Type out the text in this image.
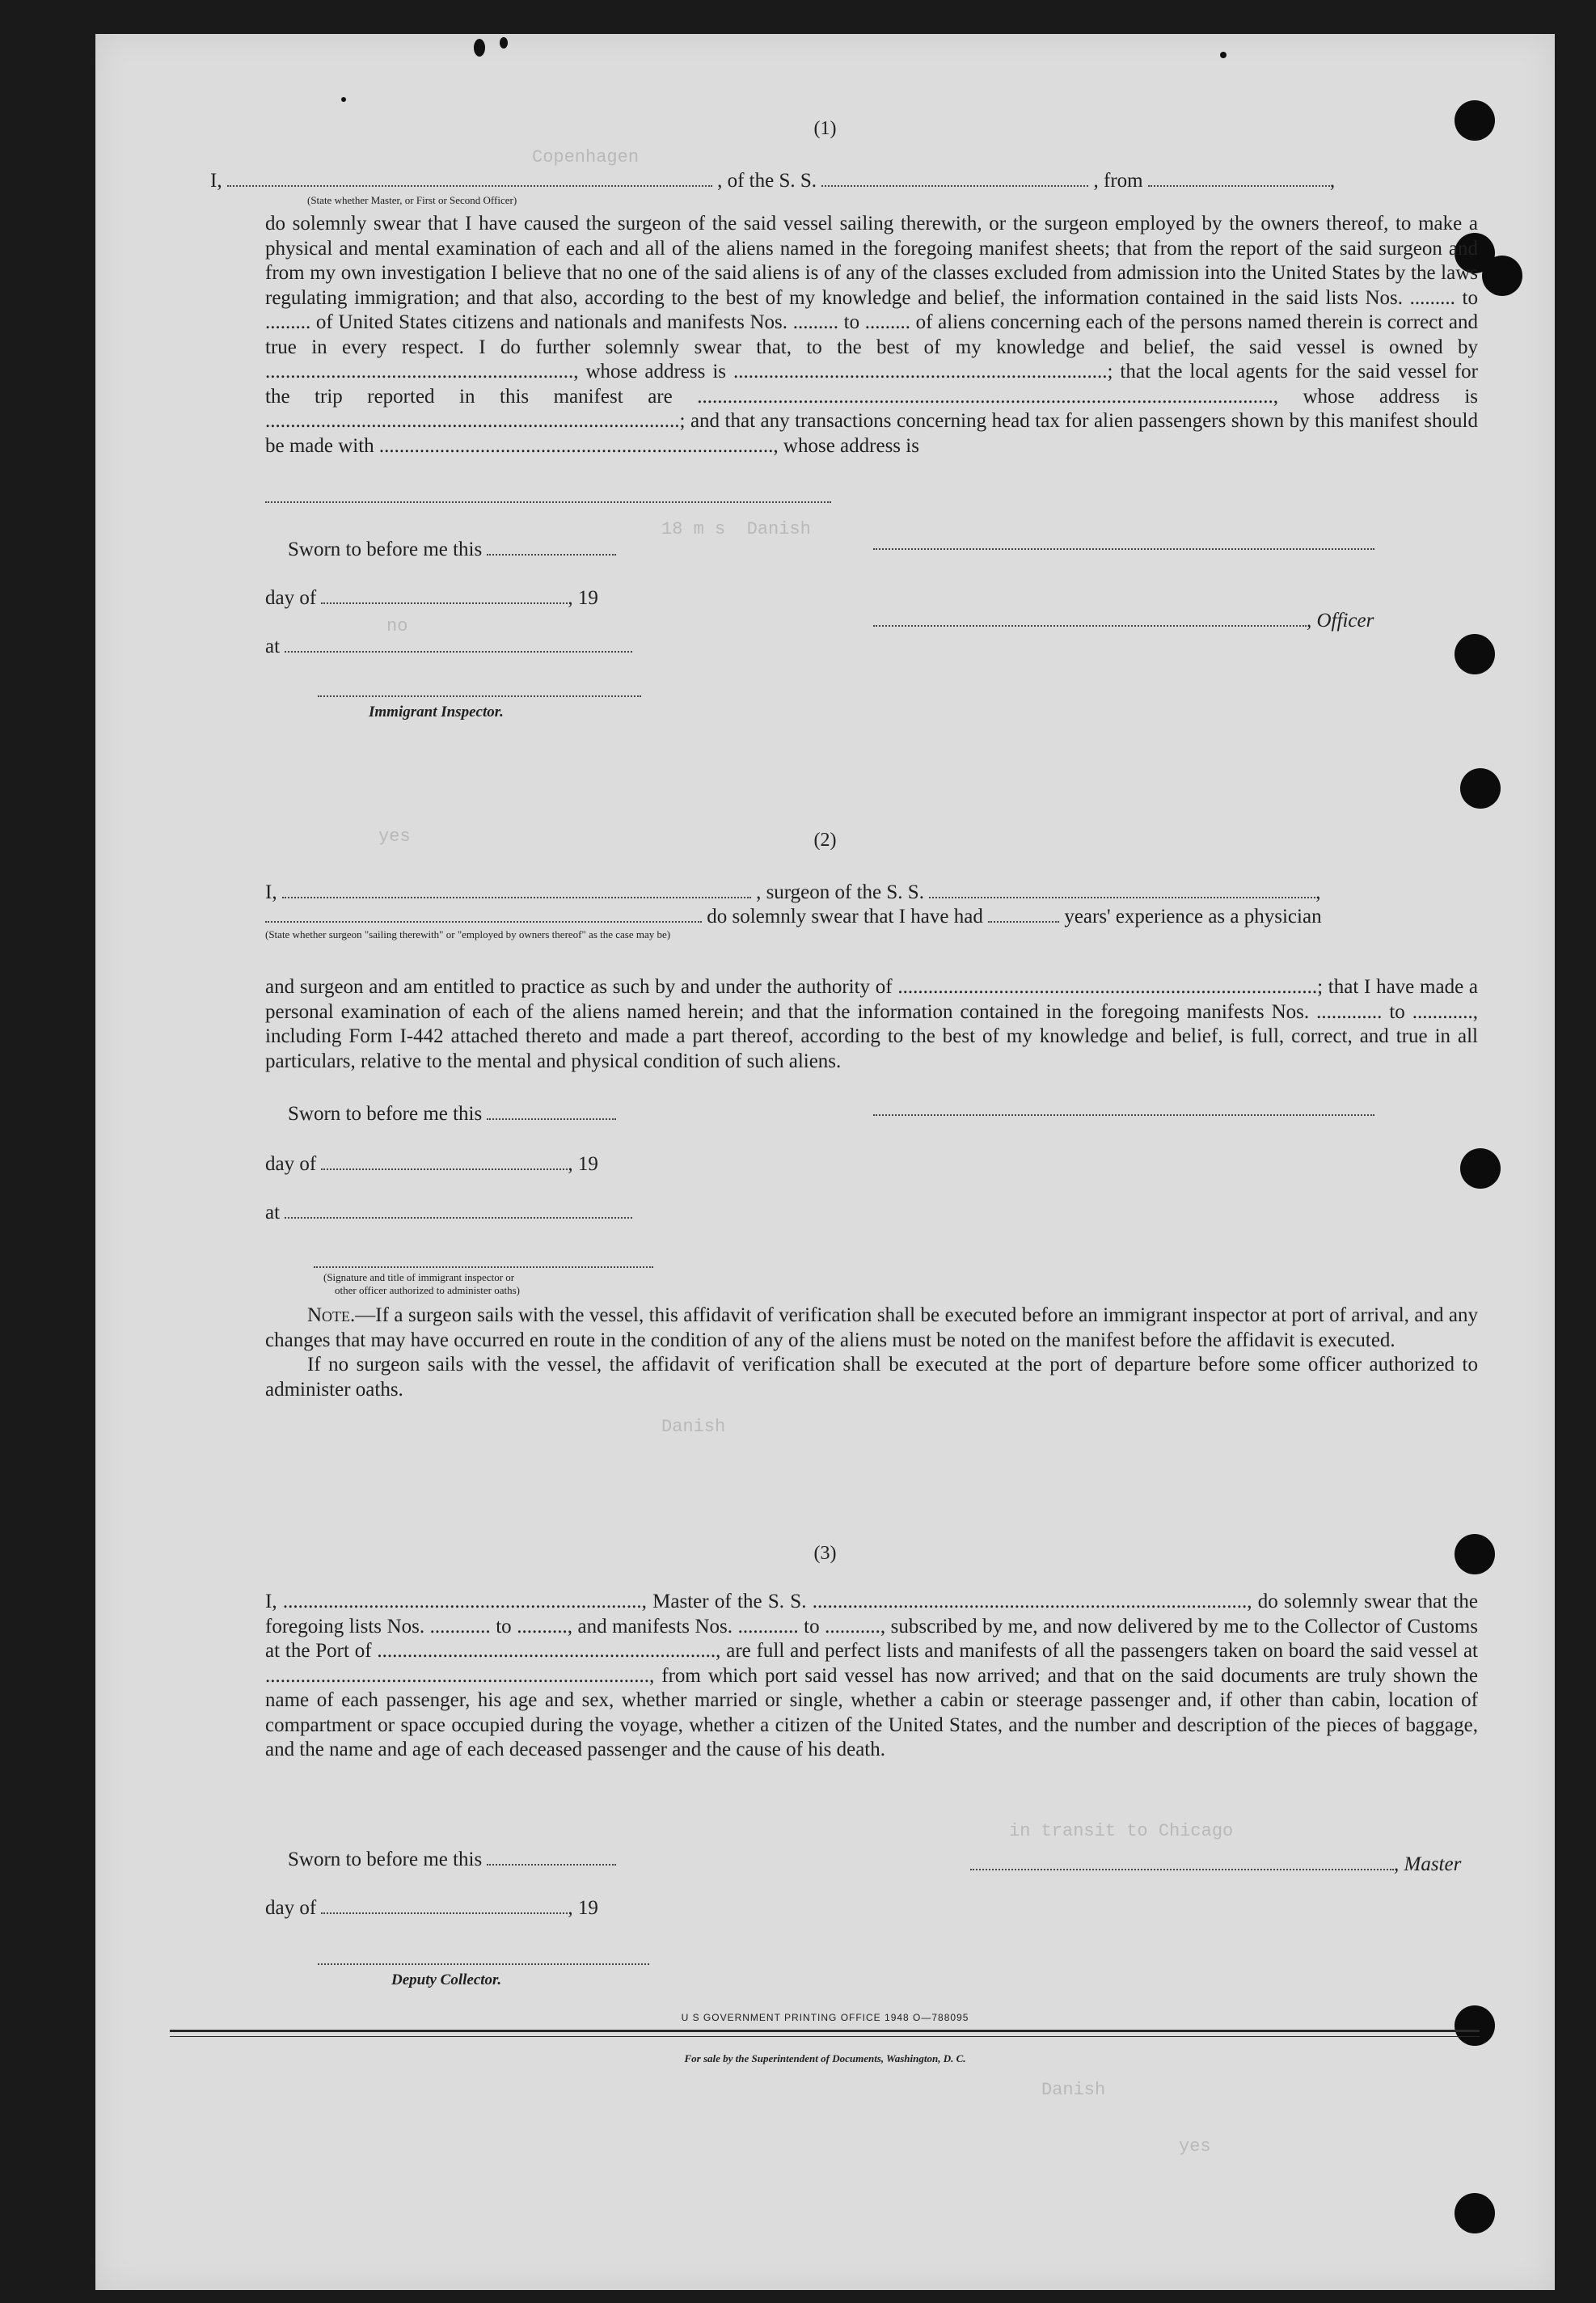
Copenhagen
18 m s  Danish
no
yes
Danish
in transit to Chicago
Danish
yes
(1)
I,	, of the S. S.	, from	,
(State whether Master, or First or Second Officer)

do solemnly swear that I have caused the surgeon of the said vessel sailing therewith, or the surgeon employed by the owners thereof, to make a physical and mental examination of each and all of the aliens named in the foregoing manifest sheets; that from the report of the said surgeon and from my own investigation I believe that no one of the said aliens is of any of the classes excluded from admission into the United States by the laws regulating immigration; and that also, according to the best of my knowledge and belief, the information contained in the said lists Nos. ......... to ......... of United States citizens and nationals and manifests Nos. ......... to ......... of aliens concerning each of the persons named therein is correct and true in every respect. I do further solemnly swear that, to the best of my knowledge and belief, the said vessel is owned by ............................................................., whose address is ..........................................................................; that the local agents for the said vessel for the trip reported in this manifest are .................................................................................................................., whose address is ..................................................................................; and that any transactions concerning head tax for alien passengers shown by this manifest should be made with .............................................................................., whose address is

Sworn to before me this
day of	, 19
at
Immigrant Inspector.
, Officer
(2)
I,	, surgeon of the S. S.	,
do solemnly swear that I have had	years' experience as a physician
(State whether surgeon "sailing therewith" or "employed by owners thereof" as the case may be)

and surgeon and am entitled to practice as such by and under the authority of ...................................................................................; that I have made a personal examination of each of the aliens named herein; and that the information contained in the foregoing manifests Nos. ............. to ............, including Form I-442 attached thereto and made a part thereof, according to the best of my knowledge and belief, is full, correct, and true in all particulars, relative to the mental and physical condition of such aliens.

Sworn to before me this
day of	, 19
at
(Signature and title of immigrant inspector or
other officer authorized to administer oaths)

Note.—If a surgeon sails with the vessel, this affidavit of verification shall be executed before an immigrant inspector at port of arrival, and any changes that may have occurred en route in the condition of any of the aliens must be noted on the manifest before the affidavit is executed.

If no surgeon sails with the vessel, the affidavit of verification shall be executed at the port of departure before some officer authorized to administer oaths.

(3)

I, ......................................................................., Master of the S. S. ......................................................................................, do solemnly swear that the foregoing lists Nos. ............ to .........., and manifests Nos. ............ to ..........., subscribed by me, and now delivered by me to the Collector of Customs at the Port of ..................................................................., are full and perfect lists and manifests of all the passengers taken on board the said vessel at ............................................................................, from which port said vessel has now arrived; and that on the said documents are truly shown the name of each passenger, his age and sex, whether married or single, whether a cabin or steerage passenger and, if other than cabin, location of compartment or space occupied during the voyage, whether a citizen of the United States, and the number and description of the pieces of baggage, and the name and age of each deceased passenger and the cause of his death.

Sworn to before me this	, Master
day of	, 19
Deputy Collector.
U S GOVERNMENT PRINTING OFFICE 1948 O—788095
For sale by the Superintendent of Documents, Washington, D. C.
